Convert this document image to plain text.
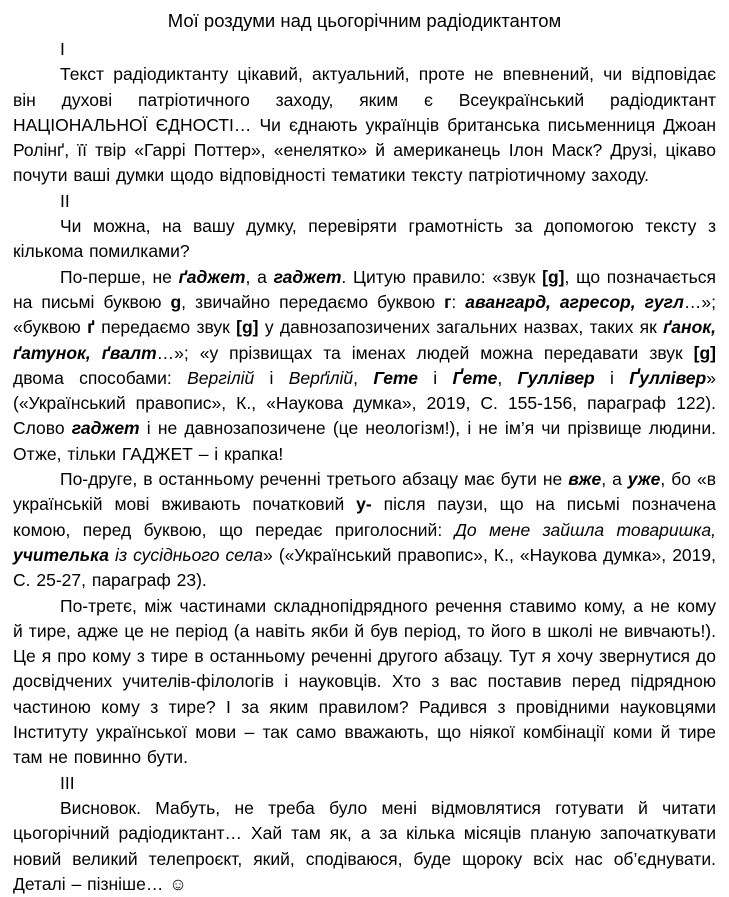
Мої роздуми над цьогорічним радіодиктантом

I

Текст радіодиктанту цікавий, актуальний, проте не впевнений, чи відповідає він духові патріотичного заходу, яким є Всеукраїнський радіодиктант НАЦІОНАЛЬНОЇ ЄДНОСТІ… Чи єднають українців британська письменниця Джоан Ролінґ, її твір «Гаррі Поттер», «енелятко» й американець Ілон Маск? Друзі, цікаво почути ваші думки щодо відповідності тематики тексту патріотичному заходу.

II

Чи можна, на вашу думку, перевіряти грамотність за допомогою тексту з кількома помилками?

По-перше, не ґаджет, а гаджет. Цитую правило: «звук [g], що позначається на письмі буквою g, звичайно передаємо буквою г: авангард, агресор, гугл…»; «буквою ґ передаємо звук [g] у давнозапозичених загальних назвах, таких як ґанок, ґатунок, ґвалт…»; «у прізвищах та іменах людей можна передавати звук [g] двома способами: Вергілій і Верґілій, Гете і Ґете, Гуллівер і Ґуллівер» («Український правопис», К., «Наукова думка», 2019, С. 155-156, параграф 122). Слово гаджет і не давнозапозичене (це неологізм!), і не ім’я чи прізвище людини. Отже, тільки ГАДЖЕТ – і крапка!

По-друге, в останньому реченні третього абзацу має бути не вже, а уже, бо «в українській мові вживають початковий у- після паузи, що на письмі позначена комою, перед буквою, що передає приголосний: До мене зайшла товаришка, учителька із сусіднього села» («Український правопис», К., «Наукова думка», 2019, С. 25-27, параграф 23).

По-третє, між частинами складнопідрядного речення ставимо кому, а не кому й тире, адже це не період (а навіть якби й був період, то його в школі не вивчають!). Це я про кому з тире в останньому реченні другого абзацу. Тут я хочу звернутися до досвідчених учителів-філологів і науковців. Хто з вас поставив перед підрядною частиною кому з тире? І за яким правилом? Радився з провідними науковцями Інституту української мови – так само вважають, що ніякої комбінації коми й тире там не повинно бути.

III

Висновок. Мабуть, не треба було мені відмовлятися готувати й читати цьогорічний радіодиктант… Хай там як, а за кілька місяців планую започаткувати новий великий телепроєкт, який, сподіваюся, буде щороку всіх нас об’єднувати. Деталі – пізніше… ☺
